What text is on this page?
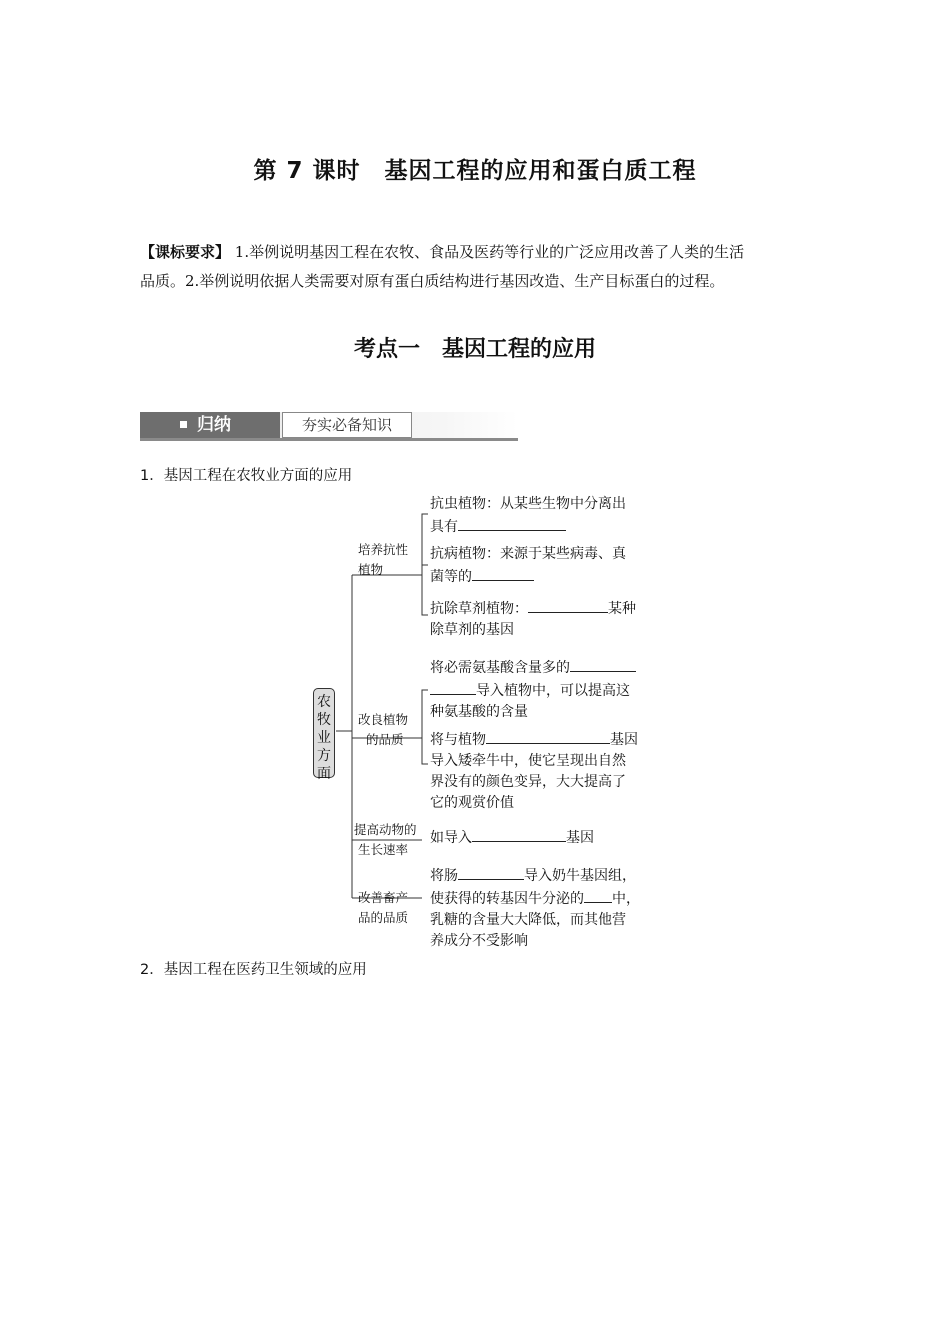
第 7 课时　基因工程的应用和蛋白质工程
【课标要求】 1.举例说明基因工程在农牧、食品及医药等行业的广泛应用改善了人类的生活
品质。2.举例说明依据人类需要对原有蛋白质结构进行基因改造、生产目标蛋白的过程。
考点一　基因工程的应用
归纳	夯实必备知识
1．基因工程在农牧业方面的应用
农
牧
业
方
面
培养抗性
植物
改良植物
的品质
提高动物的
生长速率
改善畜产
品的品质
抗虫植物：从某些生物中分离出
具有
抗病植物：来源于某些病毒、真
菌等的
抗除草剂植物：	某种
除草剂的基因
将必需氨基酸含量多的
导入植物中，可以提高这
种氨基酸的含量
将与植物	基因
导入矮牵牛中，使它呈现出自然
界没有的颜色变异，大大提高了
它的观赏价值
如导入	基因
将肠	导入奶牛基因组，
使获得的转基因牛分泌的 中，
乳糖的含量大大降低，而其他营
养成分不受影响
2．基因工程在医药卫生领域的应用
